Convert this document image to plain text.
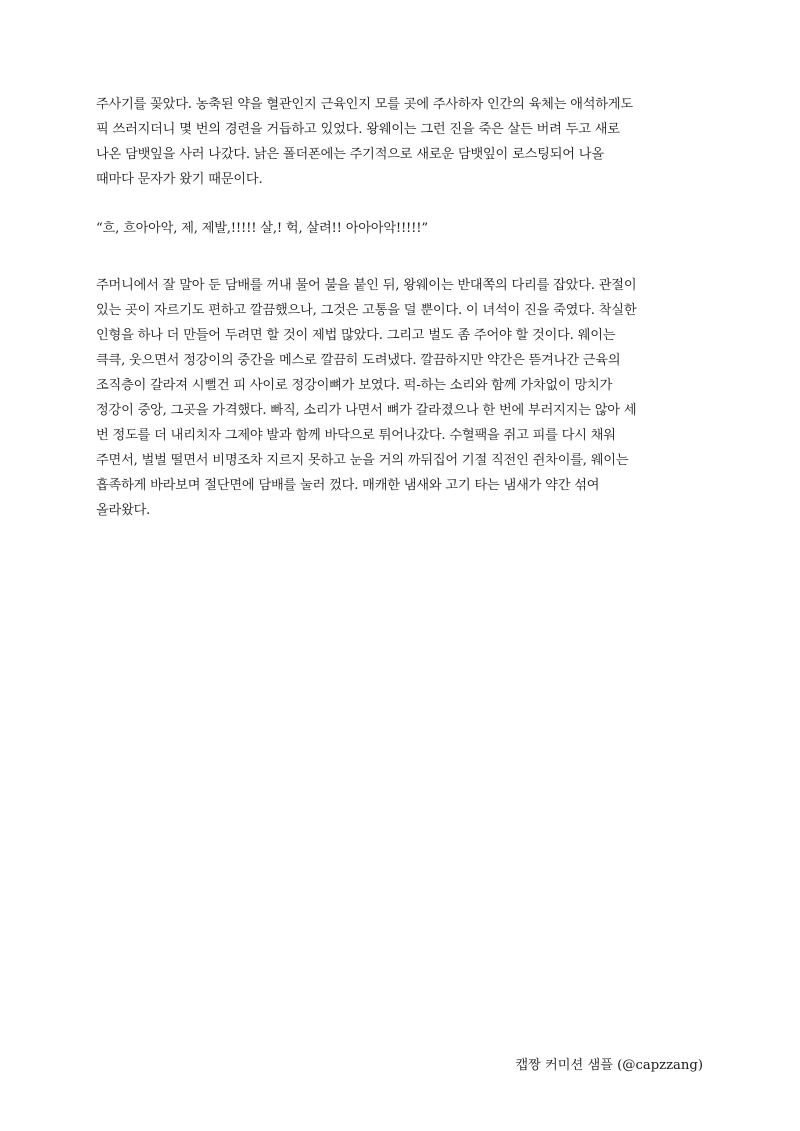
주사기를 꽂았다. 농축된 약을 혈관인지 근육인지 모를 곳에 주사하자 인간의 육체는 애석하게도
픽 쓰러지더니 몇 번의 경련을 거듭하고 있었다. 왕웨이는 그런 진을 죽은 살든 버려 두고 새로
나온 담뱃잎을 사러 나갔다. 낡은 폴더폰에는 주기적으로 새로운 담뱃잎이 로스팅되어 나올
때마다 문자가 왔기 때문이다.
“흐, 흐아아악, 제, 제발,!!!!! 살,! 헉, 살려!! 아아아악!!!!!”
주머니에서 잘 말아 둔 담배를 꺼내 물어 불을 붙인 뒤, 왕웨이는 반대쪽의 다리를 잡았다. 관절이
있는 곳이 자르기도 편하고 깔끔했으나, 그것은 고통을 덜 뿐이다. 이 녀석이 진을 죽였다. 착실한
인형을 하나 더 만들어 두려면 할 것이 제법 많았다. 그리고 벌도 좀 주어야 할 것이다. 웨이는
큭큭, 웃으면서 정강이의 중간을 메스로 깔끔히 도려냈다. 깔끔하지만 약간은 뜯겨나간 근육의
조직층이 갈라져 시뻘건 피 사이로 정강이뼈가 보였다. 퍽-하는 소리와 함께 가차없이 망치가
정강이 중앙, 그곳을 가격했다. 빠직, 소리가 나면서 뼈가 갈라졌으나 한 번에 부러지지는 않아 세
번 정도를 더 내리치자 그제야 발과 함께 바닥으로 튀어나갔다. 수혈팩을 쥐고 피를 다시 채워
주면서, 벌벌 떨면서 비명조차 지르지 못하고 눈을 거의 까뒤집어 기절 직전인 쥔차이를, 웨이는
흡족하게 바라보며 절단면에 담배를 눌러 껐다. 매캐한 냄새와 고기 타는 냄새가 약간 섞여
올라왔다.
캡짱 커미션 샘플 (@capzzang)
